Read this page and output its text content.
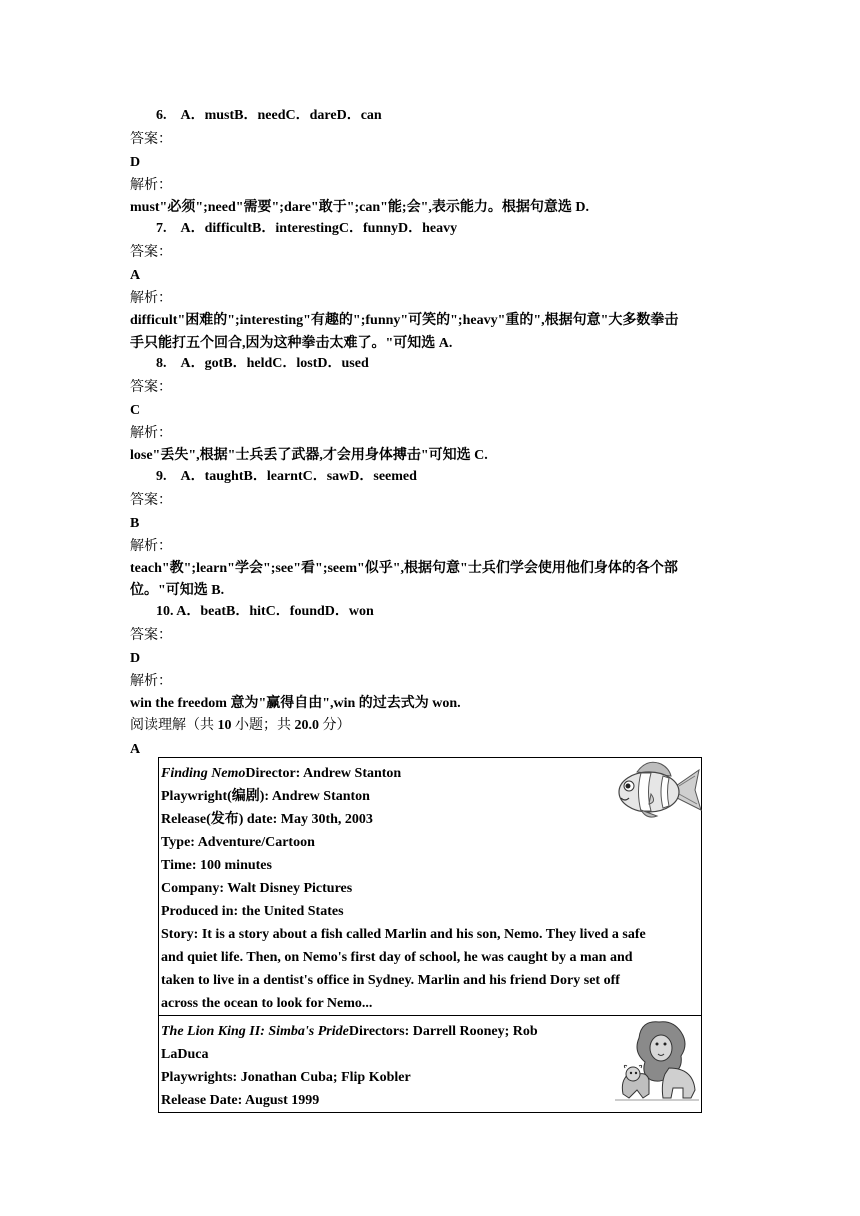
6.　A．mustB．needC．dareD．can
答案：
D
解析：
must"必须";need"需要";dare"敢于";can"能;会",表示能力。根据句意选 D.
7.　A．difficultB．interestingC．funnyD．heavy
答案：
A
解析：
difficult"困难的";interesting"有趣的";funny"可笑的";heavy"重的",根据句意"大多数拳击
手只能打五个回合,因为这种拳击太难了。"可知选 A.
8.　A．gotB．heldC．lostD．used
答案：
C
解析：
lose"丢失",根据"士兵丢了武器,才会用身体搏击"可知选 C.
9.　A．taughtB．learntC．sawD．seemed
答案：
B
解析：
teach"教";learn"学会";see"看";seem"似乎",根据句意"士兵们学会使用他们身体的各个部
位。"可知选 B.
10. A．beatB．hitC．foundD．won
答案：
D
解析：
win the freedom 意为"赢得自由",win 的过去式为 won.
阅读理解（共 10 小题；共 20.0 分）
A
Finding NemoDirector: Andrew Stanton
Playwright(编剧): Andrew Stanton
Release(发布) date: May 30th, 2003
Type: Adventure/Cartoon
Time: 100 minutes
Company: Walt Disney Pictures
Produced in: the United States
Story: It is a story about a fish called Marlin and his son, Nemo. They lived a safe
and quiet life. Then, on Nemo's first day of school, he was caught by a man and
taken to live in a dentist's office in Sydney. Marlin and his friend Dory set off
across the ocean to look for Nemo...

The Lion King II: Simba's PrideDirectors: Darrell Rooney; Rob
LaDuca
Playwrights: Jonathan Cuba; Flip Kobler
Release Date: August 1999
